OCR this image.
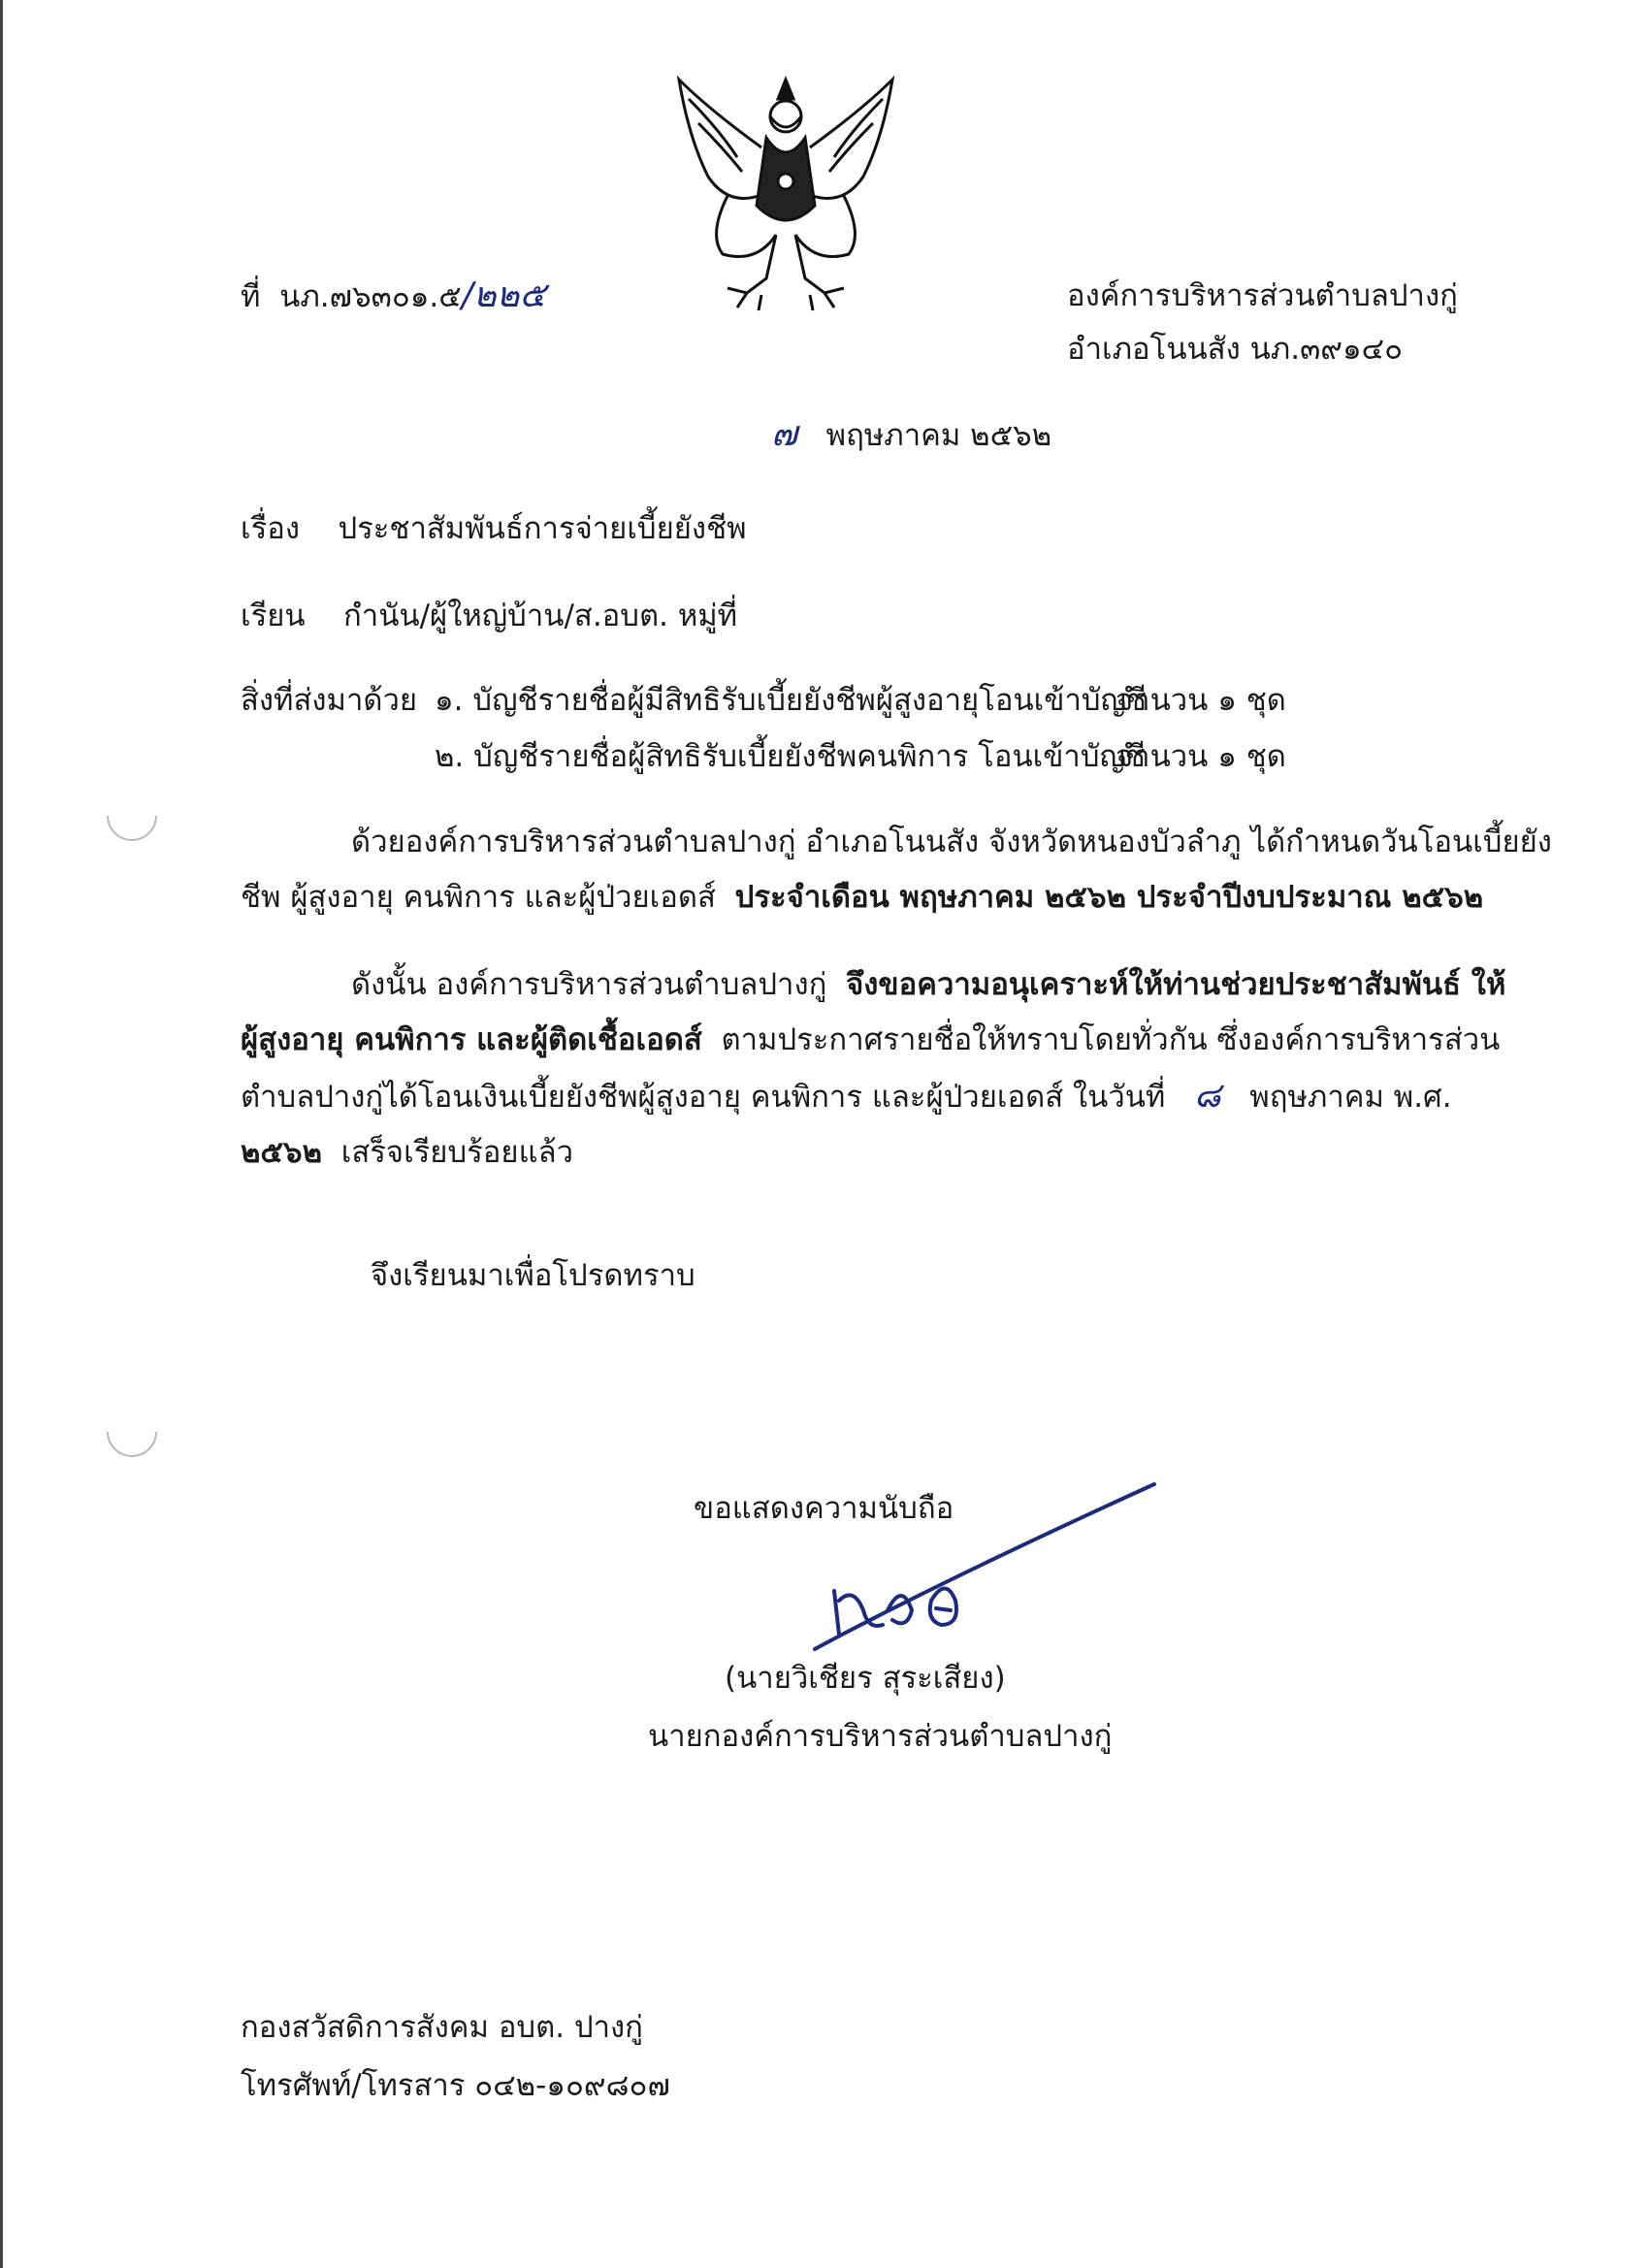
ที่ นภ.๗๖๓๐๑.๕/๒๒๕	องค์การบริหารส่วนตำบลปางกู่
อำเภอโนนสัง นภ.๓๙๑๔๐
๗ พฤษภาคม ๒๕๖๒
เรื่อง ประชาสัมพันธ์การจ่ายเบี้ยยังชีพ
เรียน กำนัน/ผู้ใหญ่บ้าน/ส.อบต. หมู่ที่
สิ่งที่ส่งมาด้วย ๑. บัญชีรายชื่อผู้มีสิทธิรับเบี้ยยังชีพผู้สูงอายุโอนเข้าบัญชี
จำนวน ๑ ชุด
๒. บัญชีรายชื่อผู้สิทธิรับเบี้ยยังชีพคนพิการ โอนเข้าบัญชี
จำนวน ๑ ชุด
ด้วยองค์การบริหารส่วนตำบลปางกู่ อำเภอโนนสัง จังหวัดหนองบัวลำภู ได้กำหนดวันโอนเบี้ยยัง
ชีพ ผู้สูงอายุ คนพิการ และผู้ป่วยเอดส์ ประจำเดือน พฤษภาคม ๒๕๖๒ ประจำปีงบประมาณ ๒๕๖๒
ดังนั้น องค์การบริหารส่วนตำบลปางกู่ จึงขอความอนุเคราะห์ให้ท่านช่วยประชาสัมพันธ์ ให้
ผู้สูงอายุ คนพิการ และผู้ติดเชื้อเอดส์ ตามประกาศรายชื่อให้ทราบโดยทั่วกัน ซึ่งองค์การบริหารส่วน
ตำบลปางกู่ได้โอนเงินเบี้ยยังชีพผู้สูงอายุ คนพิการ และผู้ป่วยเอดส์ ในวันที่ ๘ พฤษภาคม พ.ศ.
๒๕๖๒ เสร็จเรียบร้อยแล้ว
จึงเรียนมาเพื่อโปรดทราบ
ขอแสดงความนับถือ
(นายวิเชียร สุระเสียง)
นายกองค์การบริหารส่วนตำบลปางกู่
กองสวัสดิการสังคม อบต. ปางกู่
โทรศัพท์/โทรสาร ๐๔๒-๑๐๙๘๐๗
